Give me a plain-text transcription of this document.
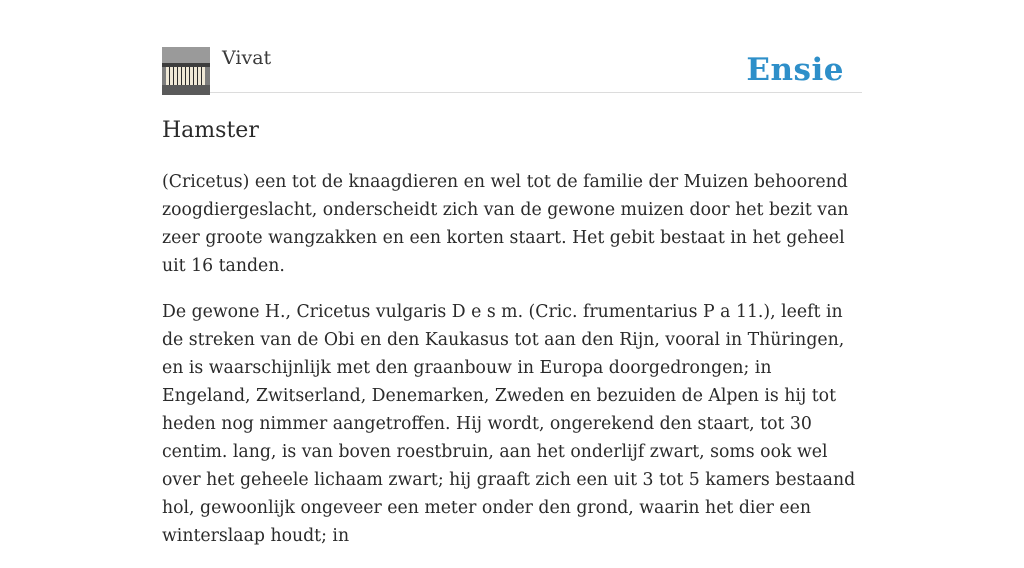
Vivat	Ensie
Hamster

(Cricetus) een tot de knaagdieren en wel tot de familie der Muizen behoorend zoogdiergeslacht, onderscheidt zich van de gewone muizen door het bezit van zeer groote wangzakken en een korten staart. Het gebit bestaat in het geheel uit 16 tanden.

De gewone H., Cricetus vulgaris D e s m. (Cric. frumentarius P a 11.), leeft in de streken van de Obi en den Kaukasus tot aan den Rijn, vooral in Thüringen, en is waarschijnlijk met den graanbouw in Europa doorgedrongen; in Engeland, Zwitserland, Denemarken, Zweden en bezuiden de Alpen is hij tot heden nog nimmer aangetroffen. Hij wordt, ongerekend den staart, tot 30 centim. lang, is van boven roestbruin, aan het onderlijf zwart, soms ook wel over het geheele lichaam zwart; hij graaft zich een uit 3 tot 5 kamers bestaand hol, gewoonlijk ongeveer een meter onder den grond, waarin het dier een winterslaap houdt; in
